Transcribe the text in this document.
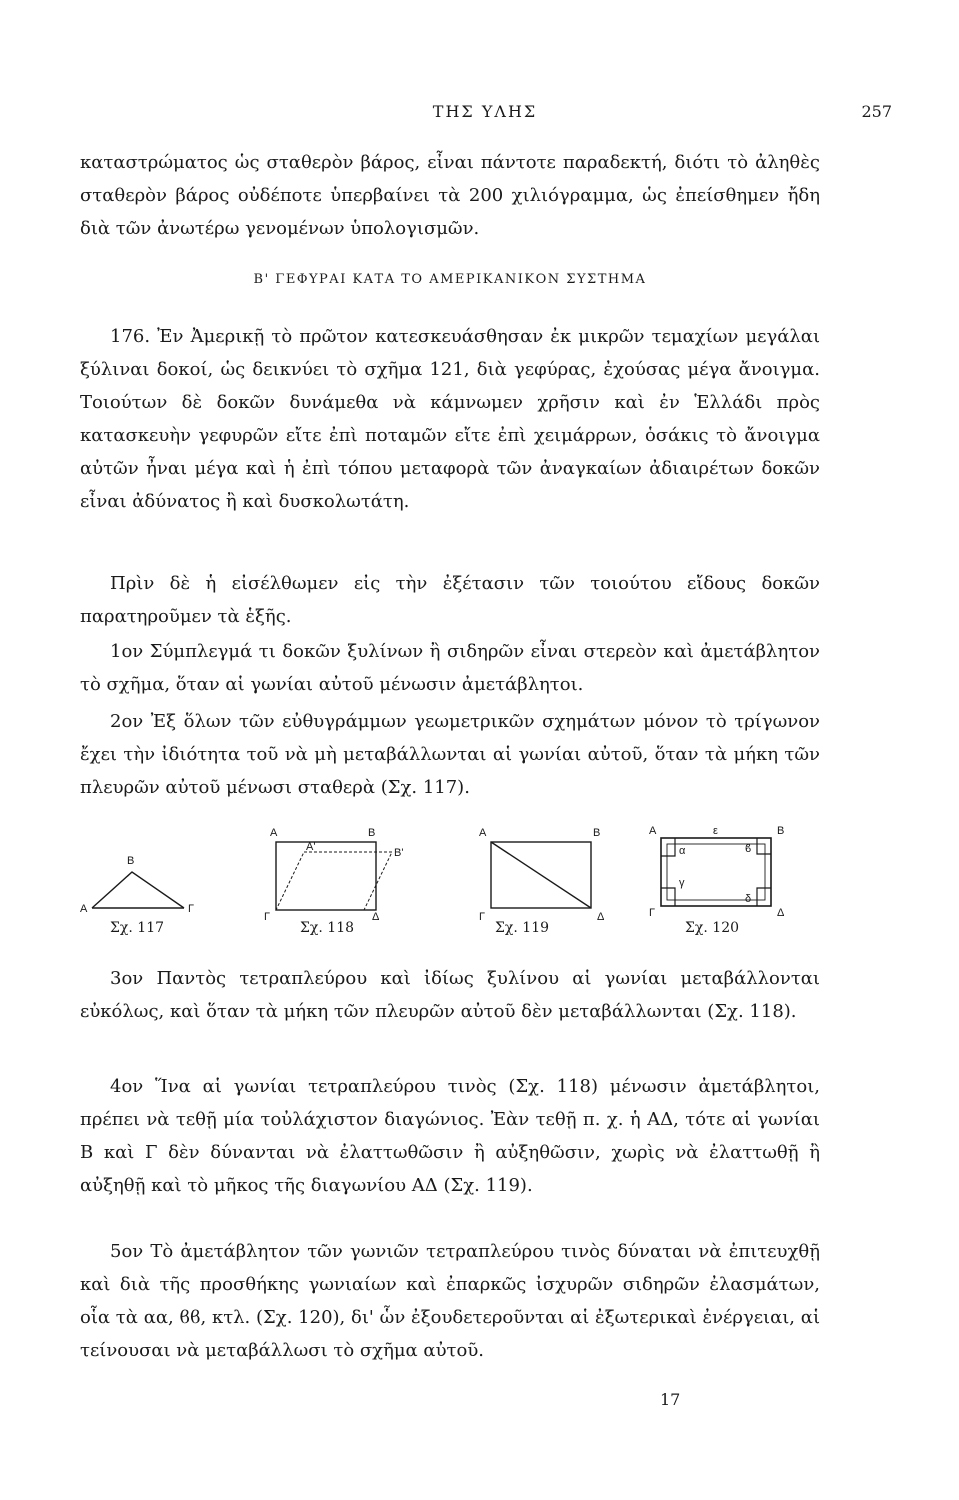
ΤΗΣ ΥΛΗΣ	257
καταστρώματος ὡς σταθερὸν βάρος, εἶναι πάντοτε παραδεκτή, διότι τὸ ἀληθὲς σταθερὸν βάρος οὐδέποτε ὑπερβαίνει τὰ 200 χιλιόγραμμα, ὡς ἐπείσθημεν ἤδη διὰ τῶν ἀνωτέρω γενομένων ὑπολογισμῶν.
Β' ΓΕΦΥΡΑΙ ΚΑΤΑ ΤΟ ΑΜΕΡΙΚΑΝΙΚΟΝ ΣΥΣΤΗΜΑ
176. Ἐν Ἀμερικῇ τὸ πρῶτον κατεσκευάσθησαν ἐκ μικρῶν τεμαχίων μεγάλαι ξύλιναι δοκοί, ὡς δεικνύει τὸ σχῆμα 121, διὰ γεφύρας, ἐχούσας μέγα ἄνοιγμα. Τοιούτων δὲ δοκῶν δυνάμεθα νὰ κάμνωμεν χρῆσιν καὶ ἐν Ἑλλάδι πρὸς κατασκευὴν γεφυρῶν εἴτε ἐπὶ ποταμῶν εἴτε ἐπὶ χειμάρρων, ὁσάκις τὸ ἄνοιγμα αὐτῶν ἦναι μέγα καὶ ἡ ἐπὶ τόπου μεταφορὰ τῶν ἀναγκαίων ἀδιαιρέτων δοκῶν εἶναι ἀδύνατος ἢ καὶ δυσκολωτάτη.
Πρὶν δὲ ἡ εἰσέλθωμεν εἰς τὴν ἐξέτασιν τῶν τοιούτου εἴδους δοκῶν παρατηροῦμεν τὰ ἑξῆς.
1ον Σύμπλεγμά τι δοκῶν ξυλίνων ἢ σιδηρῶν εἶναι στερεὸν καὶ ἀμετάβλητον τὸ σχῆμα, ὅταν αἱ γωνίαι αὐτοῦ μένωσιν ἀμετάβλητοι.
2ον Ἐξ ὅλων τῶν εὐθυγράμμων γεωμετρικῶν σχημάτων μόνον τὸ τρίγωνον ἔχει τὴν ἰδιότητα τοῦ νὰ μὴ μεταβάλλωνται αἱ γωνίαι αὐτοῦ, ὅταν τὰ μήκη τῶν πλευρῶν αὐτοῦ μένωσι σταθερὰ (Σχ. 117).
Α
Β
Γ
Σχ. 117
Α	Β
Α'	Β'
Γ	Δ
Σχ. 118
Α	Β
Γ	Δ
Σχ. 119
Α	Β
Γ	Δ
α	ϐ
γ
δ
ε
Σχ. 120
3ον Παντὸς τετραπλεύρου καὶ ἰδίως ξυλίνου αἱ γωνίαι μεταβάλλονται εὐκόλως, καὶ ὅταν τὰ μήκη τῶν πλευρῶν αὐτοῦ δὲν μεταβάλλωνται (Σχ. 118).
4ον Ἵνα αἱ γωνίαι τετραπλεύρου τινὸς (Σχ. 118) μένωσιν ἀμετάβλητοι, πρέπει νὰ τεθῇ μία τοὐλάχιστον διαγώνιος. Ἐὰν τεθῇ π. χ. ἡ ΑΔ, τότε αἱ γωνίαι Β καὶ Γ δὲν δύνανται νὰ ἐλαττωθῶσιν ἢ αὐξηθῶσιν, χωρὶς νὰ ἐλαττωθῇ ἢ αὐξηθῇ καὶ τὸ μῆκος τῆς διαγωνίου ΑΔ (Σχ. 119).
5ον Τὸ ἀμετάβλητον τῶν γωνιῶν τετραπλεύρου τινὸς δύναται νὰ ἐπιτευχθῇ καὶ διὰ τῆς προσθήκης γωνιαίων καὶ ἐπαρκῶς ἰσχυρῶν σιδηρῶν ἐλασμάτων, οἷα τὰ αα, ϐϐ, κτλ. (Σχ. 120), δι' ὧν ἐξουδετεροῦνται αἱ ἐξωτερικαὶ ἐνέργειαι, αἱ τείνουσαι νὰ μεταβάλλωσι τὸ σχῆμα αὐτοῦ.
17
